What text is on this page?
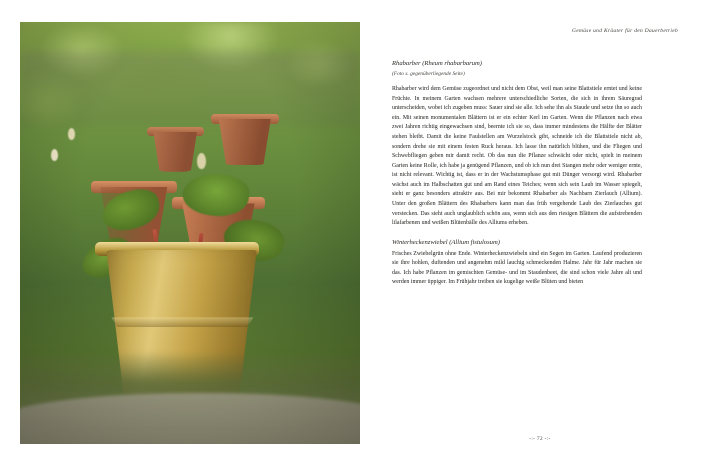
Gemüse und Kräuter für den Dauerbetrieb

Rhabarber (Rheum rhabarbarum)

(Foto s. gegenüberliegende Seite)

Rhabarber wird dem Gemüse zugeordnet und nicht dem Obst, weil man seine Blattstiele erntet und keine Früchte. In meinem Garten wachsen mehrere unterschiedliche Sorten, die sich in ihrem Säuregrad unterscheiden, wobei ich zugeben muss: Sauer sind sie alle. Ich sehe ihn als Staude und setze ihn so auch ein. Mit seinen monumentalen Blättern ist er ein echter Kerl im Garten. Wenn die Pflanzen nach etwa zwei Jahren richtig eingewachsen sind, beernte ich sie so, dass immer mindestens die Hälfte der Blätter stehen bleibt. Damit die keine Faulstellen am Wurzelstock gibt, schneide ich die Blattstiele nicht ab, sondern drehe sie mit einem festen Ruck heraus. Ich lasse ihn natürlich blühen, und die Fliegen und Schwebfliegen geben mir damit recht. Ob das nun die Pflanze schwächt oder nicht, spielt in meinem Garten keine Rolle, ich habe ja genügend Pflanzen, und ob ich nun drei Stangen mehr oder weniger ernte, ist nicht relevant. Wichtig ist, dass er in der Wachstumsphase gut mit Dünger versorgt wird. Rhabarber wächst auch im Halbschatten gut und am Rand eines Teiches; wenn sich sein Laub im Wasser spiegelt, sieht er ganz besonders attraktiv aus. Bei mir bekommt Rhabarber als Nachbarn Zierlauch (Allium). Unter den großen Blättern des Rhabarbers kann man das früh vergehende Laub des Zierlauches gut verstecken. Das sieht auch unglaublich schön aus, wenn sich aus den riesigen Blättern die aufstrebenden lilafarbenen und weißen Blütenbälle des Alliums erheben.

Winterheckenzwiebel (Allium fistulosum)

Frisches Zwiebelgrün ohne Ende. Winterheckenzwiebeln sind ein Segen im Garten. Laufend produzieren sie ihre hohlen, duftenden und angenehm mild lauchig schmeckenden Halme. Jahr für Jahr machen sie das. Ich habe Pflanzen im gemischten Gemüse- und im Staudenbeet, die sind schon viele Jahre alt und werden immer üppiger. Im Frühjahr treiben sie kugelige weiße Blüten und bieten

-:- 72 -:-
